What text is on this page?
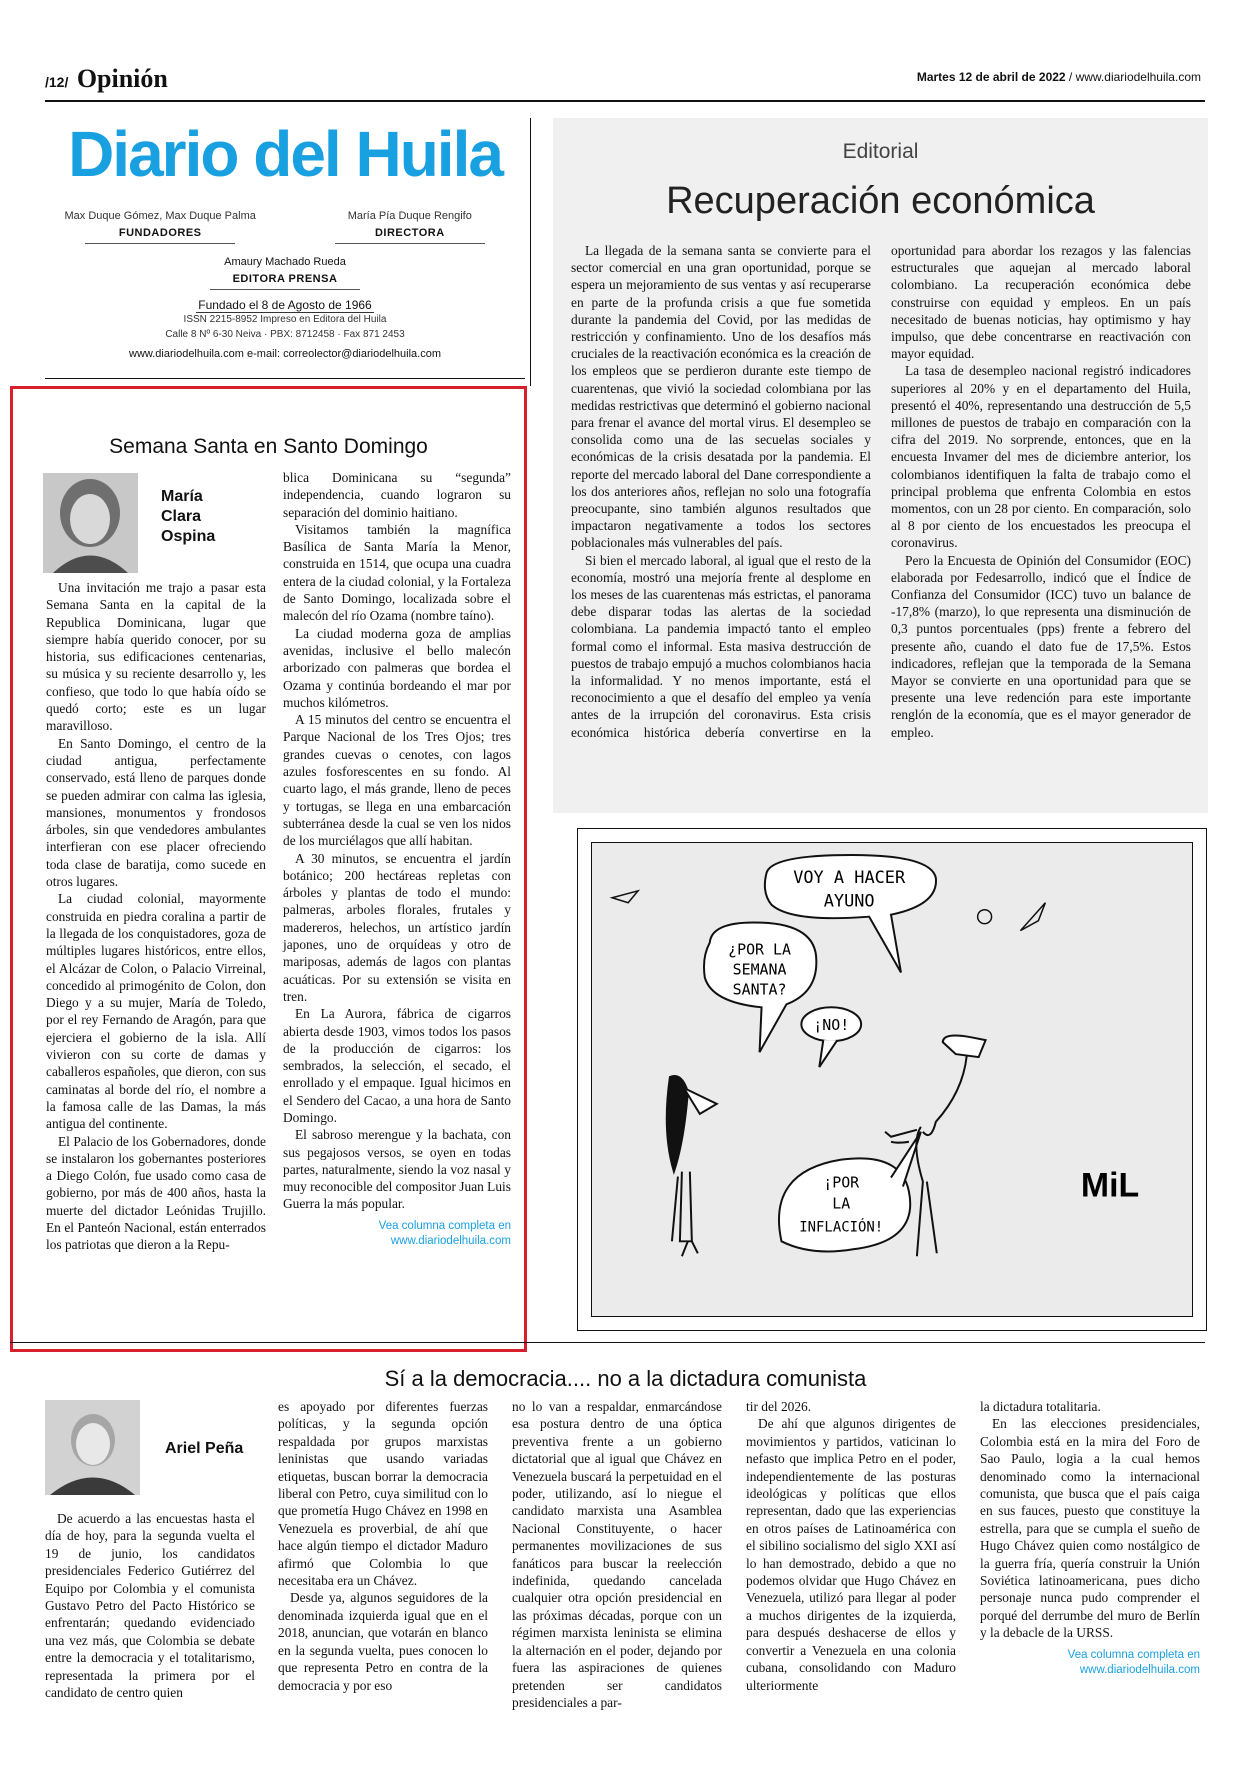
/12/ Opinión	Martes 12 de abril de 2022 / www.diariodelhuila.com
Diario del Huila
Max Duque Gómez, Max Duque Palma
FUNDADORES
María Pía Duque Rengifo
DIRECTORA
Amaury Machado Rueda
EDITORA PRENSA
Fundado el 8 de Agosto de 1966
ISSN 2215-8952 Impreso en Editora del Huila
Calle 8 Nº 6-30 Neiva · PBX: 8712458 · Fax 871 2453
www.diariodelhuila.com e-mail: correolector@diariodelhuila.com
Editorial
Recuperación económica

La llegada de la semana santa se convierte para el sector comercial en una gran oportunidad, porque se espera un mejoramiento de sus ventas y así recuperarse en parte de la profunda crisis a que fue sometida durante la pandemia del Covid, por las medidas de restricción y confinamiento. Uno de los desafíos más cruciales de la reactivación económica es la creación de los empleos que se perdieron durante este tiempo de cuarentenas, que vivió la sociedad colombiana por las medidas restrictivas que determinó el gobierno nacional para frenar el avance del mortal virus. El desempleo se consolida como una de las secuelas sociales y económicas de la crisis desatada por la pandemia. El reporte del mercado laboral del Dane correspondiente a los dos anteriores años, reflejan no solo una fotografía preocupante, sino también algunos resultados que impactaron negativamente a todos los sectores poblacionales más vulnerables del país.

Si bien el mercado laboral, al igual que el resto de la economía, mostró una mejoría frente al desplome en los meses de las cuarentenas más estrictas, el panorama debe disparar todas las alertas de la sociedad colombiana. La pandemia impactó tanto el empleo formal como el informal. Esta masiva destrucción de puestos de trabajo empujó a muchos colombianos hacia la informalidad. Y no menos importante, está el reconocimiento a que el desafío del empleo ya venía antes de la irrupción del coronavirus. Esta crisis económica histórica debería convertirse en la oportunidad para abordar los rezagos y las falencias estructurales que aquejan al mercado laboral colombiano. La recuperación económica debe construirse con equidad y empleos. En un país necesitado de buenas noticias, hay optimismo y hay impulso, que debe concentrarse en reactivación con mayor equidad.

La tasa de desempleo nacional registró indicadores superiores al 20% y en el departamento del Huila, presentó el 40%, representando una destrucción de 5,5 millones de puestos de trabajo en comparación con la cifra del 2019. No sorprende, entonces, que en la encuesta Invamer del mes de diciembre anterior, los colombianos identifiquen la falta de trabajo como el principal problema que enfrenta Colombia en estos momentos, con un 28 por ciento. En comparación, solo al 8 por ciento de los encuestados les preocupa el coronavirus.

Pero la Encuesta de Opinión del Consumidor (EOC) elaborada por Fedesarrollo, indicó que el Índice de Confianza del Consumidor (ICC) tuvo un balance de -17,8% (marzo), lo que representa una disminución de 0,3 puntos porcentuales (pps) frente a febrero del presente año, cuando el dato fue de 17,5%. Estos indicadores, reflejan que la temporada de la Semana Mayor se convierte en una oportunidad para que se presente una leve redención para este importante renglón de la economía, que es el mayor generador de empleo.

Semana Santa en Santo Domingo
María
Clara
Ospina

Una invitación me trajo a pasar esta Semana Santa en la capital de la Republica Dominicana, lugar que siempre había querido conocer, por su historia, sus edificaciones centenarias, su música y su reciente desarrollo y, les confieso, que todo lo que había oído se quedó corto; este es un lugar maravilloso.

En Santo Domingo, el centro de la ciudad antigua, perfectamente conservado, está lleno de parques donde se pueden admirar con calma las iglesia, mansiones, monumentos y frondosos árboles, sin que vendedores ambulantes interfieran con ese placer ofreciendo toda clase de baratija, como sucede en otros lugares.

La ciudad colonial, mayormente construida en piedra coralina a partir de la llegada de los conquistadores, goza de múltiples lugares históricos, entre ellos, el Alcázar de Colon, o Palacio Virreinal, concedido al primogénito de Colon, don Diego y a su mujer, María de Toledo, por el rey Fernando de Aragón, para que ejerciera el gobierno de la isla. Allí vivieron con su corte de damas y caballeros españoles, que dieron, con sus caminatas al borde del río, el nombre a la famosa calle de las Damas, la más antigua del continente.

El Palacio de los Gobernadores, donde se instalaron los gobernantes posteriores a Diego Colón, fue usado como casa de gobierno, por más de 400 años, hasta la muerte del dictador Leónidas Trujillo. En el Panteón Nacional, están enterrados los patriotas que dieron a la Repu-

blica Dominicana su “segunda” independencia, cuando lograron su separación del dominio haitiano.

Visitamos también la magnífica Basílica de Santa María la Menor, construida en 1514, que ocupa una cuadra entera de la ciudad colonial, y la Fortaleza de Santo Domingo, localizada sobre el malecón del río Ozama (nombre taíno).

La ciudad moderna goza de amplias avenidas, inclusive el bello malecón arborizado con palmeras que bordea el Ozama y continúa bordeando el mar por muchos kilómetros.

A 15 minutos del centro se encuentra el Parque Nacional de los Tres Ojos; tres grandes cuevas o cenotes, con lagos azules fosforescentes en su fondo. Al cuarto lago, el más grande, lleno de peces y tortugas, se llega en una embarcación subterránea desde la cual se ven los nidos de los murciélagos que allí habitan.

A 30 minutos, se encuentra el jardín botánico; 200 hectáreas repletas con árboles y plantas de todo el mundo: palmeras, arboles florales, frutales y madereros, helechos, un artístico jardín japones, uno de orquídeas y otro de mariposas, además de lagos con plantas acuáticas. Por su extensión se visita en tren.

En La Aurora, fábrica de cigarros abierta desde 1903, vimos todos los pasos de la producción de cigarros: los sembrados, la selección, el secado, el enrollado y el empaque. Igual hicimos en el Sendero del Cacao, a una hora de Santo Domingo.

El sabroso merengue y la bachata, con sus pegajosos versos, se oyen en todas partes, naturalmente, siendo la voz nasal y muy reconocible del compositor Juan Luis Guerra la más popular.

Vea columna completa en
www.diariodelhuila.com
VOY A HACER
AYUNO
¿POR LA
SEMANA
SANTA?
¡NO!
¡POR
LA
INFLACIÓN!
MiL
Sí a la democracia.... no a la dictadura comunista
Ariel Peña

De acuerdo a las encuestas hasta el día de hoy, para la segunda vuelta el 19 de junio, los candidatos presidenciales Federico Gutiérrez del Equipo por Colombia y el comunista Gustavo Petro del Pacto Histórico se enfrentarán; quedando evidenciado una vez más, que Colombia se debate entre la democracia y el totalitarismo, representada la primera por el candidato de centro quien

es apoyado por diferentes fuerzas políticas, y la segunda opción respaldada por grupos marxistas leninistas que usando variadas etiquetas, buscan borrar la democracia liberal con Petro, cuya similitud con lo que prometía Hugo Chávez en 1998 en Venezuela es proverbial, de ahí que hace algún tiempo el dictador Maduro afirmó que Colombia lo que necesitaba era un Chávez.

Desde ya, algunos seguidores de la denominada izquierda igual que en el 2018, anuncian, que votarán en blanco en la segunda vuelta, pues conocen lo que representa Petro en contra de la democracia y por eso

no lo van a respaldar, enmarcándose esa postura dentro de una óptica preventiva frente a un gobierno dictatorial que al igual que Chávez en Venezuela buscará la perpetuidad en el poder, utilizando, así lo niegue el candidato marxista una Asamblea Nacional Constituyente, o hacer permanentes movilizaciones de sus fanáticos para buscar la reelección indefinida, quedando cancelada cualquier otra opción presidencial en las próximas décadas, porque con un régimen marxista leninista se elimina la alternación en el poder, dejando por fuera las aspiraciones de quienes pretenden ser candidatos presidenciales a par-

tir del 2026.

De ahí que algunos dirigentes de movimientos y partidos, vaticinan lo nefasto que implica Petro en el poder, independientemente de las posturas ideológicas y políticas que ellos representan, dado que las experiencias en otros países de Latinoamérica con el sibilino socialismo del siglo XXI así lo han demostrado, debido a que no podemos olvidar que Hugo Chávez en Venezuela, utilizó para llegar al poder a muchos dirigentes de la izquierda, para después deshacerse de ellos y convertir a Venezuela en una colonia cubana, consolidando con Maduro ulteriormente

la dictadura totalitaria.

En las elecciones presidenciales, Colombia está en la mira del Foro de Sao Paulo, logia a la cual hemos denominado como la internacional comunista, que busca que el país caiga en sus fauces, puesto que constituye la estrella, para que se cumpla el sueño de Hugo Chávez quien como nostálgico de la guerra fría, quería construir la Unión Soviética latinoamericana, pues dicho personaje nunca pudo comprender el porqué del derrumbe del muro de Berlín y la debacle de la URSS.

Vea columna completa en
www.diariodelhuila.com
